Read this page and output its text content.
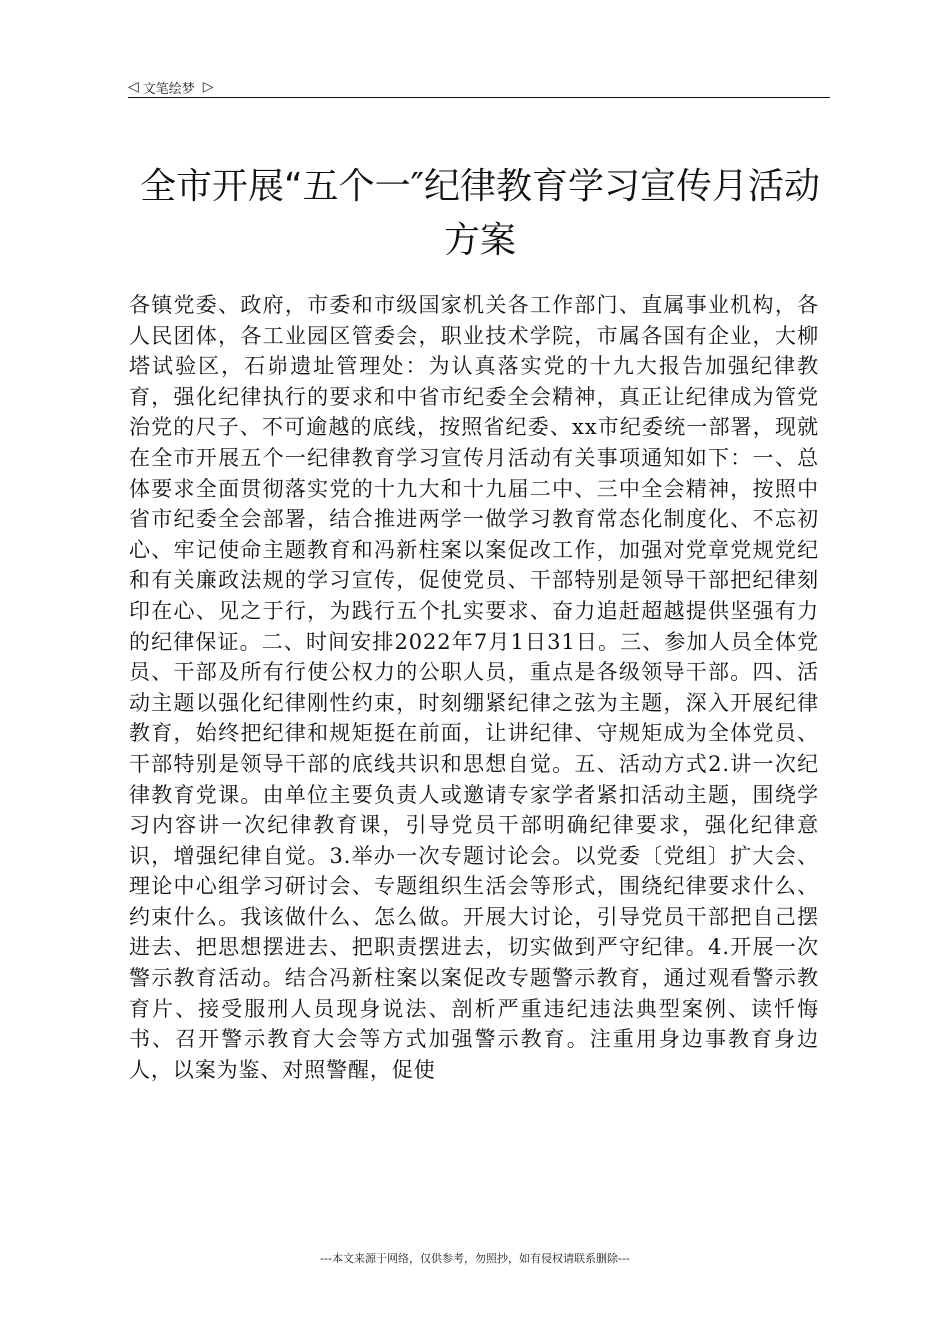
◁ 文笔绘梦 ▷
全市开展“五个一″纪律教育学习宣传月活动
方案

各镇党委、政府，市委和市级国家机关各工作部门、直属事业机构，各人民团体，各工业园区管委会，职业技术学院，市属各国有企业，大柳塔试验区，石峁遗址管理处：为认真落实党的十九大报告加强纪律教育，强化纪律执行的要求和中省市纪委全会精神，真正让纪律成为管党治党的尺子、不可逾越的底线，按照省纪委、xx市纪委统一部署，现就在全市开展五个一纪律教育学习宣传月活动有关事项通知如下：一、总体要求全面贯彻落实党的十九大和十九届二中、三中全会精神，按照中省市纪委全会部署，结合推进两学一做学习教育常态化制度化、不忘初心、牢记使命主题教育和冯新柱案以案促改工作，加强对党章党规党纪和有关廉政法规的学习宣传，促使党员、干部特别是领导干部把纪律刻印在心、见之于行，为践行五个扎实要求、奋力追赶超越提供坚强有力的纪律保证。二、时间安排2022年7月1日31日。三、参加人员全体党员、干部及所有行使公权力的公职人员，重点是各级领导干部。四、活动主题以强化纪律刚性约束，时刻绷紧纪律之弦为主题，深入开展纪律教育，始终把纪律和规矩挺在前面，让讲纪律、守规矩成为全体党员、干部特别是领导干部的底线共识和思想自觉。五、活动方式2.讲一次纪律教育党课。由单位主要负责人或邀请专家学者紧扣活动主题，围绕学习内容讲一次纪律教育课，引导党员干部明确纪律要求，强化纪律意识，增强纪律自觉。3.举办一次专题讨论会。以党委〔党组〕扩大会、理论中心组学习研讨会、专题组织生活会等形式，围绕纪律要求什么、约束什么。我该做什么、怎么做。开展大讨论，引导党员干部把自己摆进去、把思想摆进去、把职责摆进去，切实做到严守纪律。4.开展一次警示教育活动。结合冯新柱案以案促改专题警示教育，通过观看警示教育片、接受服刑人员现身说法、剖析严重违纪违法典型案例、读忏悔书、召开警示教育大会等方式加强警示教育。注重用身边事教育身边人，以案为鉴、对照警醒，促使

---本文来源于网络，仅供参考，勿照抄，如有侵权请联系删除---
